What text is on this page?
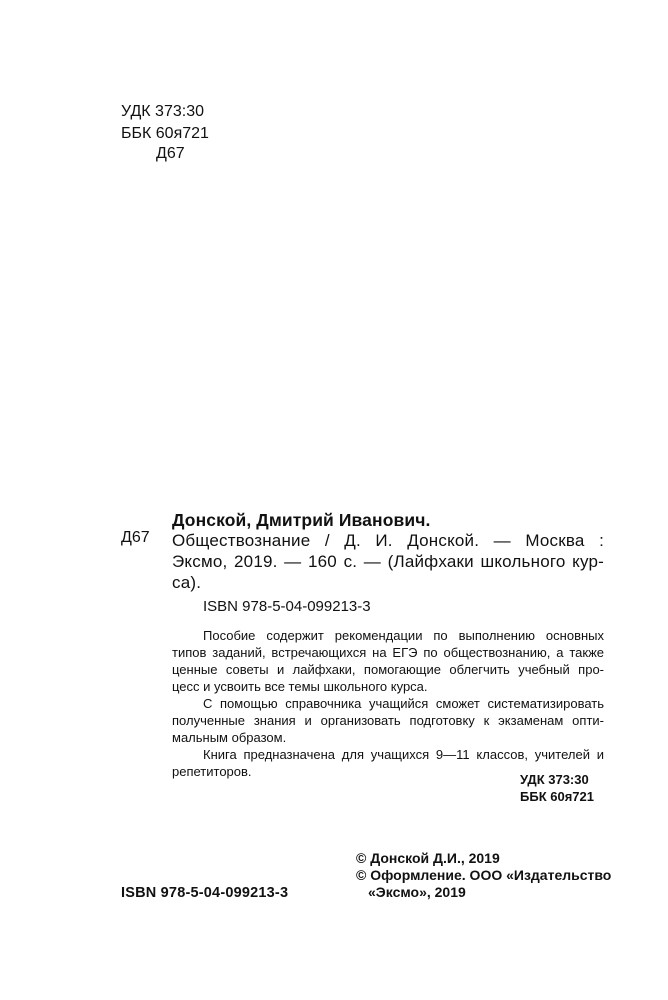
УДК 373:30
ББК 60я721
Д67
Донской, Дмитрий Иванович.
Д67 Обществознание / Д. И. Донской. — Москва :
Эксмо, 2019. — 160 с. — (Лайфхаки школьного кур-
са).
ISBN 978-5-04-099213-3
Пособие содержит рекомендации по выполнению основных
типов заданий, встречающихся на ЕГЭ по обществознанию, а также
ценные советы и лайфхаки, помогающие облегчить учебный про-
цесс и усвоить все темы школьного курса.
С помощью справочника учащийся сможет систематизировать
полученные знания и организовать подготовку к экзаменам опти-
мальным образом.
Книга предназначена для учащихся 9—11 классов, учителей и
репетиторов.
УДК 373:30
ББК 60я721
© Донской Д.И., 2019
© Оформление. ООО «Издательство
«Эксмо», 2019
ISBN 978-5-04-099213-3
